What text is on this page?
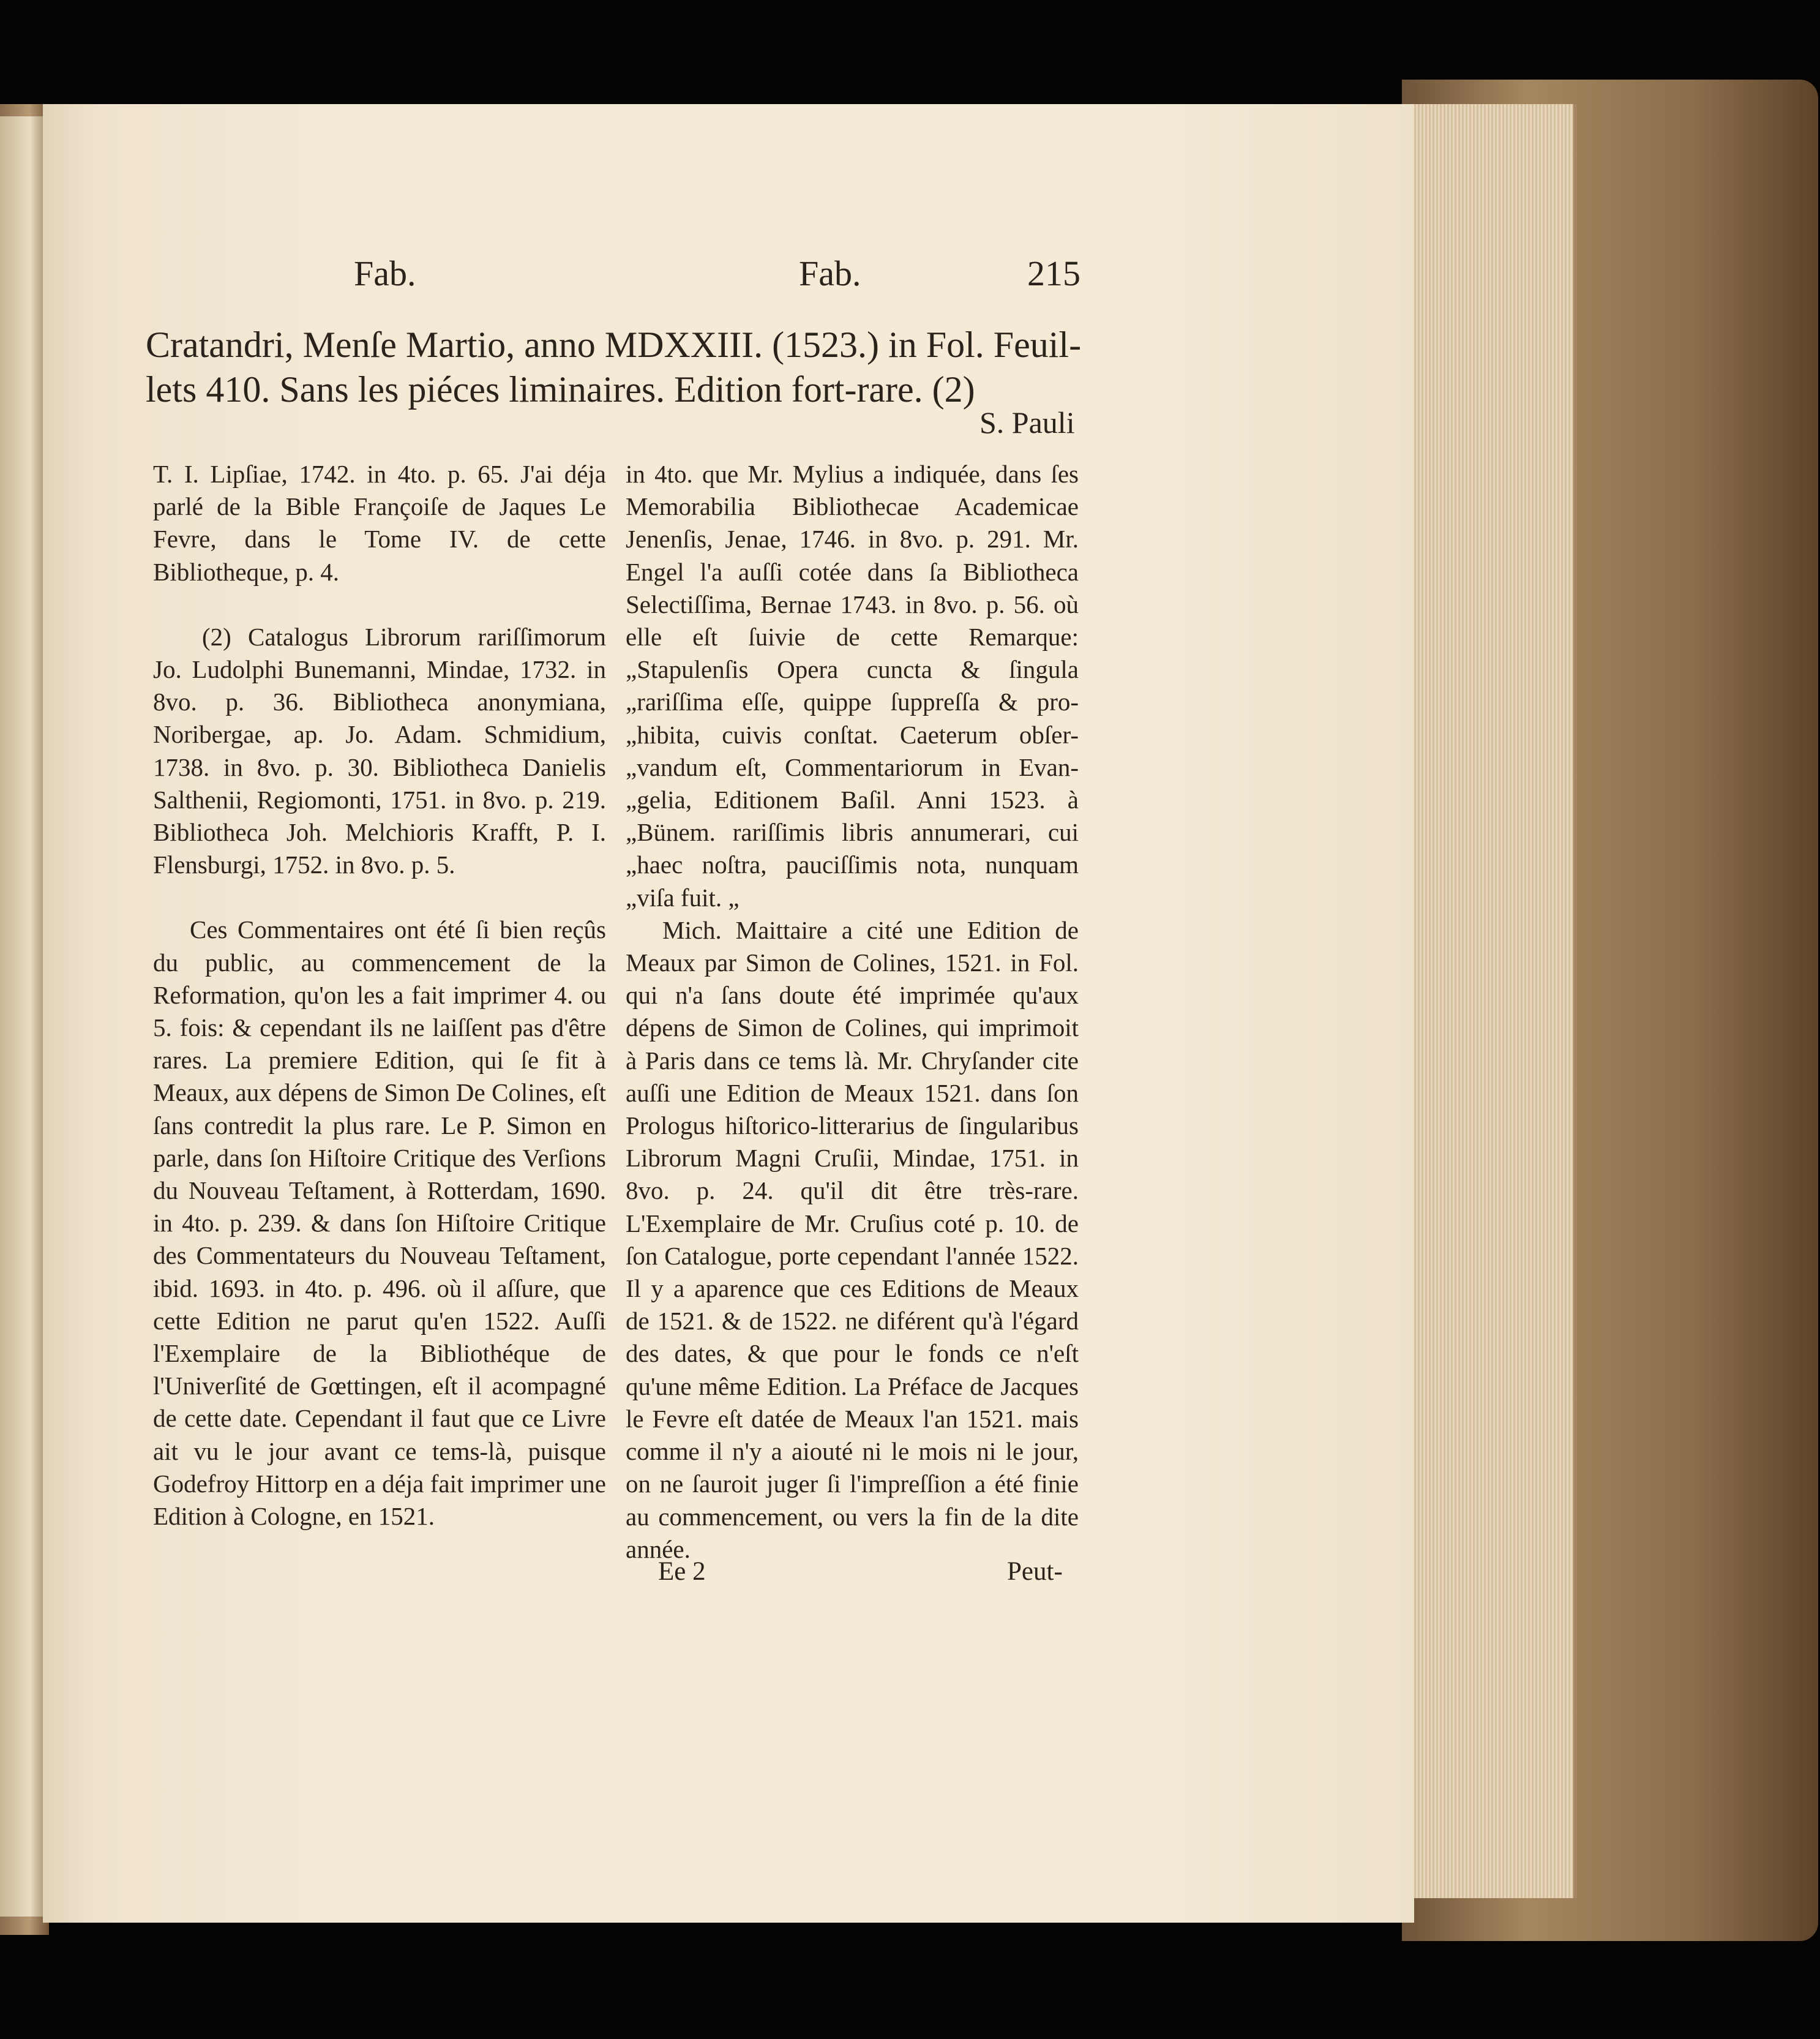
Fab.	Fab.	215
Cratandri, Menſe Martio, anno MDXXIII. (1523.) in Fol. Feuil-
lets 410. Sans les piéces liminaires. Edition fort-rare. (2)
S. Pauli

T. I. Lipſiae, 1742. in 4to. p. 65. J'ai déja parlé de la Bible Françoiſe de Jaques Le Fevre, dans le Tome IV. de cette Bibliotheque, p. 4.

(2) Catalogus Librorum rariſſimorum Jo. Ludolphi Bunemanni, Mindae, 1732. in 8vo. p. 36. Bibliotheca anonymiana, Noribergae, ap. Jo. Adam. Schmidium, 1738. in 8vo. p. 30. Bibliotheca Danielis Salthenii, Regiomonti, 1751. in 8vo. p. 219. Bibliotheca Joh. Melchioris Krafft, P. I. Flensburgi, 1752. in 8vo. p. 5.

Ces Commentaires ont été ſi bien reçûs du public, au commencement de la Reformation, qu'on les a fait imprimer 4. ou 5. fois: & cependant ils ne laiſſent pas d'être rares. La premiere Edition, qui ſe fit à Meaux, aux dépens de Simon De Colines, eſt ſans contredit la plus rare. Le P. Simon en parle, dans ſon Hiſtoire Critique des Verſions du Nouveau Teſtament, à Rotterdam, 1690. in 4to. p. 239. & dans ſon Hiſtoire Critique des Commentateurs du Nouveau Teſtament, ibid. 1693. in 4to. p. 496. où il aſſure, que cette Edition ne parut qu'en 1522. Auſſi l'Exemplaire de la Bibliothéque de l'Univerſité de Gœttingen, eſt il acompagné de cette date. Cependant il faut que ce Livre ait vu le jour avant ce tems-là, puisque Godefroy Hittorp en a déja fait imprimer une Edition à Cologne, en 1521.

in 4to. que Mr. Mylius a indiquée, dans ſes Memorabilia Bibliothecae Academicae Jenenſis, Jenae, 1746. in 8vo. p. 291. Mr. Engel l'a auſſi cotée dans ſa Bibliotheca Selectiſſima, Bernae 1743. in 8vo. p. 56. où elle eſt ſuivie de cette Remarque: „Stapulenſis Opera cuncta & ſingula „rariſſima eſſe, quippe ſuppreſſa & pro-„hibita, cuivis conſtat. Caeterum obſer-„vandum eſt, Commentariorum in Evan-„gelia, Editionem Baſil. Anni 1523. à „Bünem. rariſſimis libris annumerari, cui „haec noſtra, pauciſſimis nota, nunquam „viſa fuit. „

Mich. Maittaire a cité une Edition de Meaux par Simon de Colines, 1521. in Fol. qui n'a ſans doute été imprimée qu'aux dépens de Simon de Colines, qui imprimoit à Paris dans ce tems là. Mr. Chryſander cite auſſi une Edition de Meaux 1521. dans ſon Prologus hiſtorico-litterarius de ſingularibus Librorum Magni Cruſii, Mindae, 1751. in 8vo. p. 24. qu'il dit être très-rare. L'Exemplaire de Mr. Cruſius coté p. 10. de ſon Catalogue, porte cependant l'année 1522. Il y a aparence que ces Editions de Meaux de 1521. & de 1522. ne diférent qu'à l'égard des dates, & que pour le fonds ce n'eſt qu'une même Edition. La Préface de Jacques le Fevre eſt datée de Meaux l'an 1521. mais comme il n'y a aiouté ni le mois ni le jour, on ne ſauroit juger ſi l'impreſſion a été finie au commencement, ou vers la fin de la dite année.

Ee 2	Peut-
